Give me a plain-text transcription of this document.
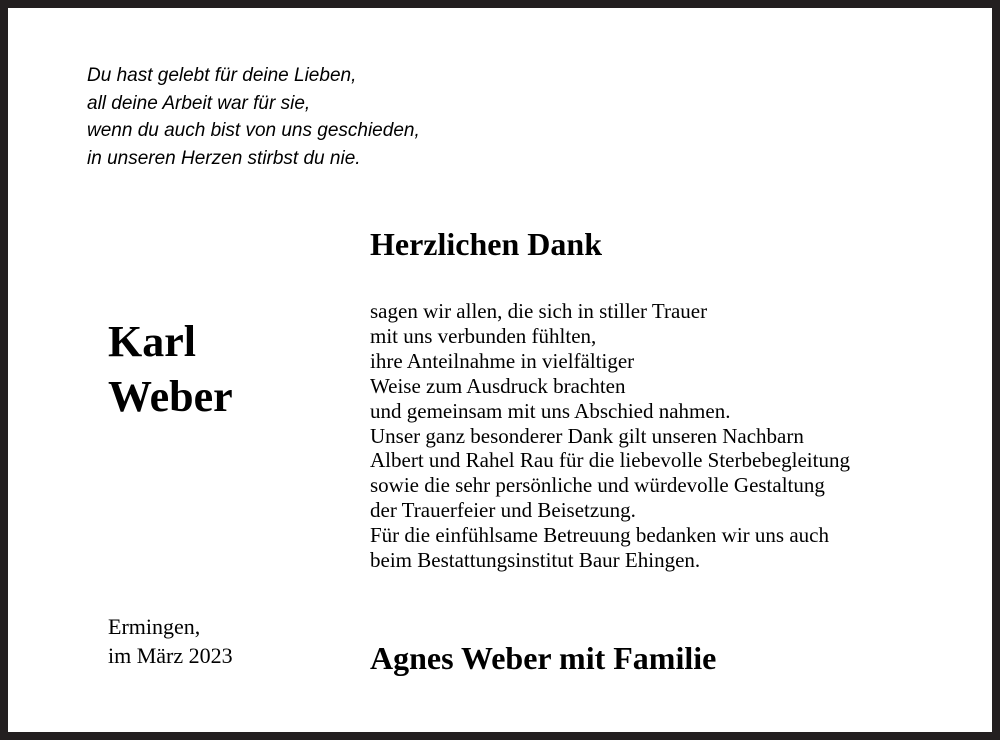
Du hast gelebt für deine Lieben,
all deine Arbeit war für sie,
wenn du auch bist von uns geschieden,
in unseren Herzen stirbst du nie.
Herzlichen Dank
sagen wir allen, die sich in stiller Trauer
mit uns verbunden fühlten,
ihre Anteilnahme in vielfältiger
Weise zum Ausdruck brachten
und gemeinsam mit uns Abschied nahmen.
Unser ganz besonderer Dank gilt unseren Nachbarn
Albert und Rahel Rau für die liebevolle Sterbebegleitung
sowie die sehr persönliche und würdevolle Gestaltung
der Trauerfeier und Beisetzung.
Für die einfühlsame Betreuung bedanken wir uns auch
beim Bestattungsinstitut Baur Ehingen.
Karl
Weber
Ermingen,
im März 2023	Agnes Weber mit Familie
